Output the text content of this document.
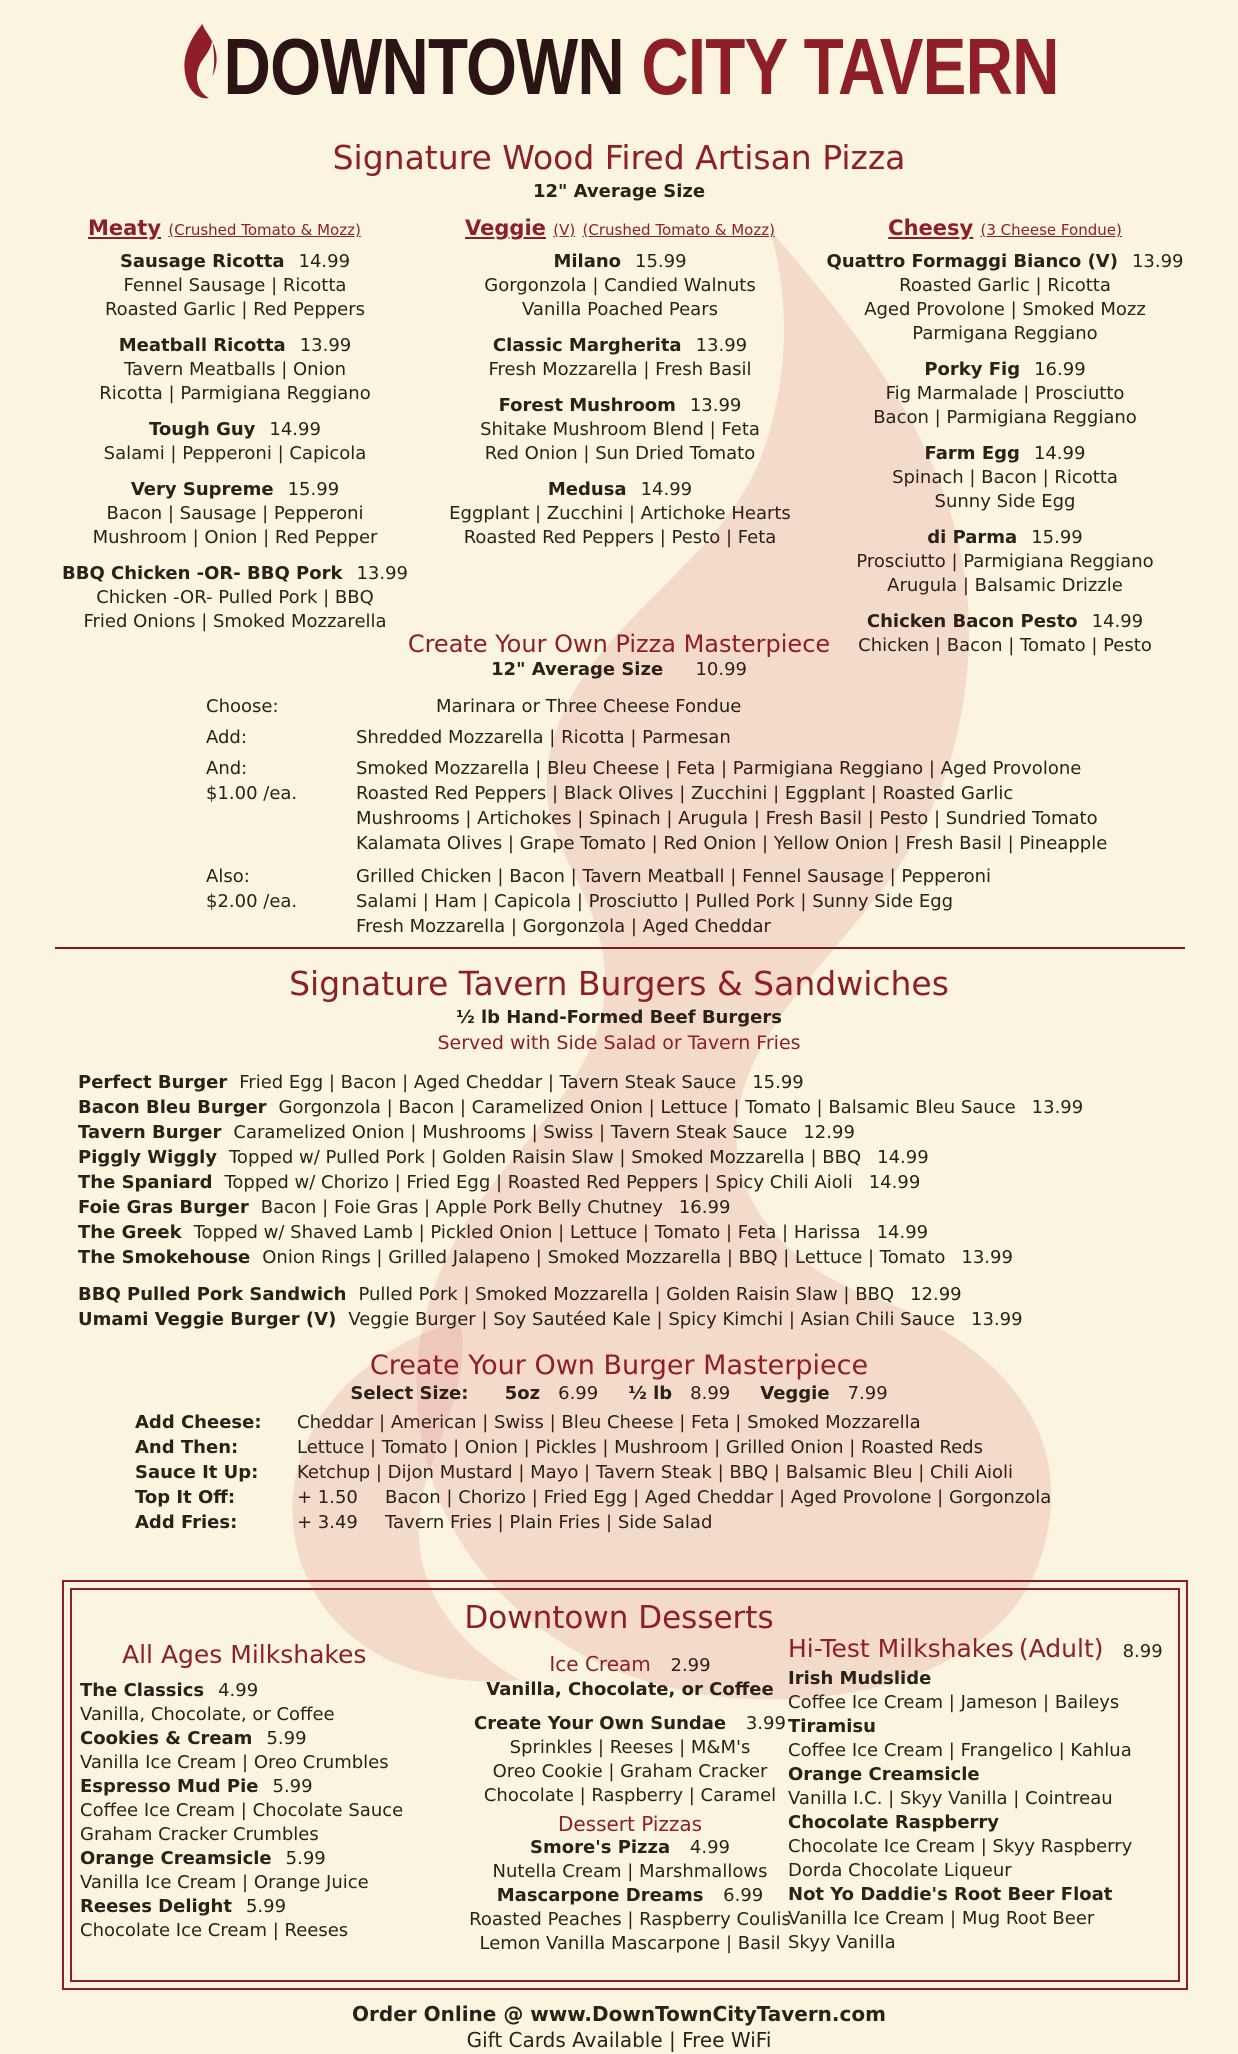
DOWNTOWN CITY TAVERN
Signature Wood Fired Artisan Pizza
12" Average Size
Meaty (Crushed Tomato & Mozz)
Sausage Ricotta 14.99
Fennel Sausage | Ricotta
Roasted Garlic | Red Peppers
Meatball Ricotta 13.99
Tavern Meatballs | Onion
Ricotta | Parmigiana Reggiano
Tough Guy 14.99
Salami | Pepperoni | Capicola
Very Supreme 15.99
Bacon | Sausage | Pepperoni
Mushroom | Onion | Red Pepper
BBQ Chicken -OR- BBQ Pork 13.99
Chicken -OR- Pulled Pork | BBQ
Fried Onions | Smoked Mozzarella
Veggie (V) (Crushed Tomato & Mozz)
Milano 15.99
Gorgonzola | Candied Walnuts
Vanilla Poached Pears
Classic Margherita 13.99
Fresh Mozzarella | Fresh Basil
Forest Mushroom 13.99
Shitake Mushroom Blend | Feta
Red Onion | Sun Dried Tomato
Medusa 14.99
Eggplant | Zucchini | Artichoke Hearts
Roasted Red Peppers | Pesto | Feta
Cheesy (3 Cheese Fondue)
Quattro Formaggi Bianco (V) 13.99
Roasted Garlic | Ricotta
Aged Provolone | Smoked Mozz
Parmigana Reggiano
Porky Fig 16.99
Fig Marmalade | Prosciutto
Bacon | Parmigiana Reggiano
Farm Egg 14.99
Spinach | Bacon | Ricotta
Sunny Side Egg
di Parma 15.99
Prosciutto | Parmigiana Reggiano
Arugula | Balsamic Drizzle
Chicken Bacon Pesto 14.99
Chicken | Bacon | Tomato | Pesto
Create Your Own Pizza Masterpiece
12" Average Size 10.99
Choose:	Marinara or Three Cheese Fondue
Add:	Shredded Mozzarella | Ricotta | Parmesan
And:
$1.00 /ea.
Smoked Mozzarella | Bleu Cheese | Feta | Parmigiana Reggiano | Aged Provolone
Roasted Red Peppers | Black Olives | Zucchini | Eggplant | Roasted Garlic
Mushrooms | Artichokes | Spinach | Arugula | Fresh Basil | Pesto | Sundried Tomato
Kalamata Olives | Grape Tomato | Red Onion | Yellow Onion | Fresh Basil | Pineapple
Also:
$2.00 /ea.
Grilled Chicken | Bacon | Tavern Meatball | Fennel Sausage | Pepperoni
Salami | Ham | Capicola | Prosciutto | Pulled Pork | Sunny Side Egg
Fresh Mozzarella | Gorgonzola | Aged Cheddar
Signature Tavern Burgers & Sandwiches
½ lb Hand-Formed Beef Burgers
Served with Side Salad or Tavern Fries
Perfect Burger Fried Egg | Bacon | Aged Cheddar | Tavern Steak Sauce 15.99
Bacon Bleu Burger Gorgonzola | Bacon | Caramelized Onion | Lettuce | Tomato | Balsamic Bleu Sauce 13.99
Tavern Burger Caramelized Onion | Mushrooms | Swiss | Tavern Steak Sauce 12.99
Piggly Wiggly Topped w/ Pulled Pork | Golden Raisin Slaw | Smoked Mozzarella | BBQ 14.99
The Spaniard Topped w/ Chorizo | Fried Egg | Roasted Red Peppers | Spicy Chili Aioli 14.99
Foie Gras Burger Bacon | Foie Gras | Apple Pork Belly Chutney 16.99
The Greek Topped w/ Shaved Lamb | Pickled Onion | Lettuce | Tomato | Feta | Harissa 14.99
The Smokehouse Onion Rings | Grilled Jalapeno | Smoked Mozzarella | BBQ | Lettuce | Tomato 13.99
BBQ Pulled Pork Sandwich Pulled Pork | Smoked Mozzarella | Golden Raisin Slaw | BBQ 12.99
Umami Veggie Burger (V) Veggie Burger | Soy Sautéed Kale | Spicy Kimchi | Asian Chili Sauce 13.99
Create Your Own Burger Masterpiece
Select Size: 5oz 6.99 ½ lb 8.99 Veggie 7.99
Add Cheese:	Cheddar | American | Swiss | Bleu Cheese | Feta | Smoked Mozzarella
And Then:	Lettuce | Tomato | Onion | Pickles | Mushroom | Grilled Onion | Roasted Reds
Sauce It Up:	Ketchup | Dijon Mustard | Mayo | Tavern Steak | BBQ | Balsamic Bleu | Chili Aioli
Top It Off:	+ 1.50	Bacon | Chorizo | Fried Egg | Aged Cheddar | Aged Provolone | Gorgonzola
Add Fries:	+ 3.49	Tavern Fries | Plain Fries | Side Salad
Downtown Desserts
All Ages Milkshakes
The Classics 4.99
Vanilla, Chocolate, or Coffee
Cookies & Cream 5.99
Vanilla Ice Cream | Oreo Crumbles
Espresso Mud Pie 5.99
Coffee Ice Cream | Chocolate Sauce
Graham Cracker Crumbles
Orange Creamsicle 5.99
Vanilla Ice Cream | Orange Juice
Reeses Delight 5.99
Chocolate Ice Cream | Reeses
Ice Cream 2.99
Vanilla, Chocolate, or Coffee
Create Your Own Sundae 3.99
Sprinkles | Reeses | M&M's
Oreo Cookie | Graham Cracker
Chocolate | Raspberry | Caramel
Dessert Pizzas
Smore's Pizza 4.99
Nutella Cream | Marshmallows
Mascarpone Dreams 6.99
Roasted Peaches | Raspberry Coulis
Lemon Vanilla Mascarpone | Basil
Hi-Test Milkshakes (Adult) 8.99
Irish Mudslide
Coffee Ice Cream | Jameson | Baileys
Tiramisu
Coffee Ice Cream | Frangelico | Kahlua
Orange Creamsicle
Vanilla I.C. | Skyy Vanilla | Cointreau
Chocolate Raspberry
Chocolate Ice Cream | Skyy Raspberry
Dorda Chocolate Liqueur
Not Yo Daddie's Root Beer Float
Vanilla Ice Cream | Mug Root Beer
Skyy Vanilla
Order Online @ www.DownTownCityTavern.com
Gift Cards Available | Free WiFi
